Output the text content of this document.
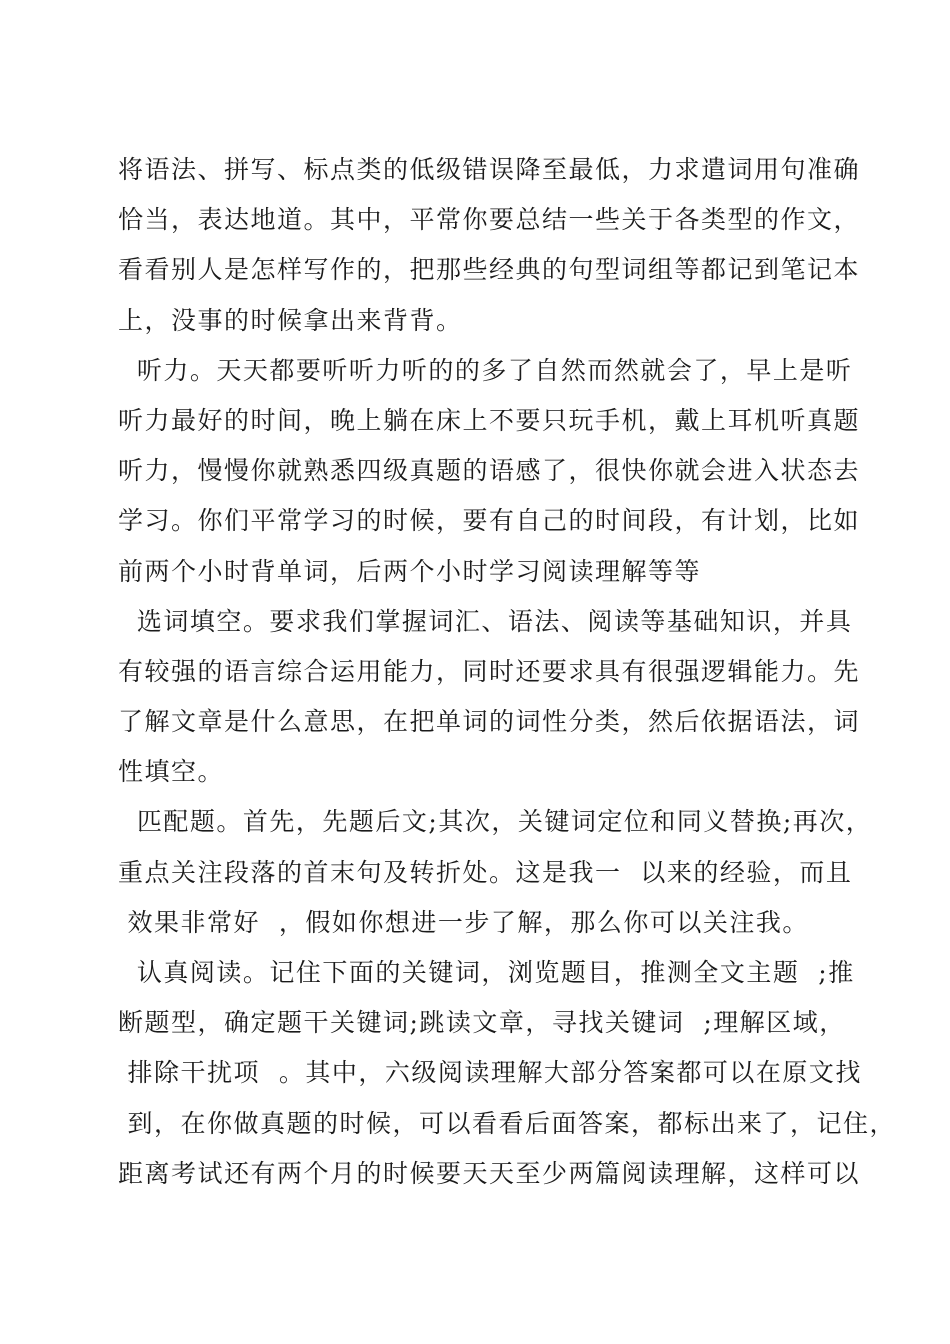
将语法、拼写、标点类的低级错误降至最低，力求遣词用句准确
恰当，表达地道。其中，平常你要总结一些关于各类型的作文，
看看别人是怎样写作的，把那些经典的句型词组等都记到笔记本
上，没事的时候拿出来背背。
听力。天天都要听听力听的的多了自然而然就会了，早上是听
听力最好的时间，晚上躺在床上不要只玩手机，戴上耳机听真题
听力，慢慢你就熟悉四级真题的语感了，很快你就会进入状态去
学习。你们平常学习的时候，要有自己的时间段，有计划，比如
前两个小时背单词，后两个小时学习阅读理解等等
选词填空。要求我们掌握词汇、语法、阅读等基础知识，并具
有较强的语言综合运用能力，同时还要求具有很强逻辑能力。先
了解文章是什么意思，在把单词的词性分类，然后依据语法，词
性填空。
匹配题。首先，先题后文;其次，关键词定位和同义替换;再次，
重点关注段落的首末句及转折处。这是我一  以来的经验，而且
效果非常好  ，假如你想进一步了解，那么你可以关注我。
认真阅读。记住下面的关键词，浏览题目，推测全文主题  ;推
断题型，确定题干关键词;跳读文章，寻找关键词  ;理解区域，
排除干扰项  。其中，六级阅读理解大部分答案都可以在原文找
到，在你做真题的时候，可以看看后面答案，都标出来了，记住，
距离考试还有两个月的时候要天天至少两篇阅读理解，这样可以
